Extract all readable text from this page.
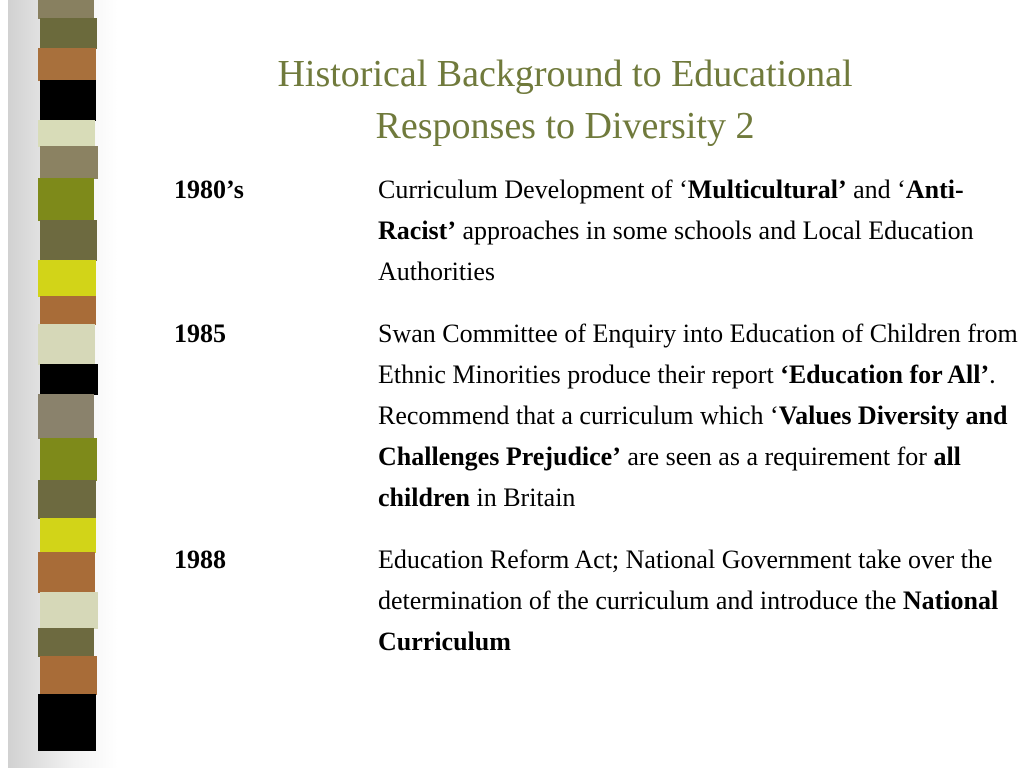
Historical Background to Educational
Responses to Diversity 2
1980’s	Curriculum Development of ‘Multicultural’ and ‘Anti-Racist’ approaches in some schools and Local Education Authorities
1985	Swan Committee of Enquiry into Education of Children from Ethnic Minorities produce their report ‘Education for All’. Recommend that a curriculum which ‘Values Diversity and Challenges Prejudice’ are seen as a requirement for all children in Britain
1988	Education Reform Act; National Government take over the determination of the curriculum and introduce the National Curriculum
